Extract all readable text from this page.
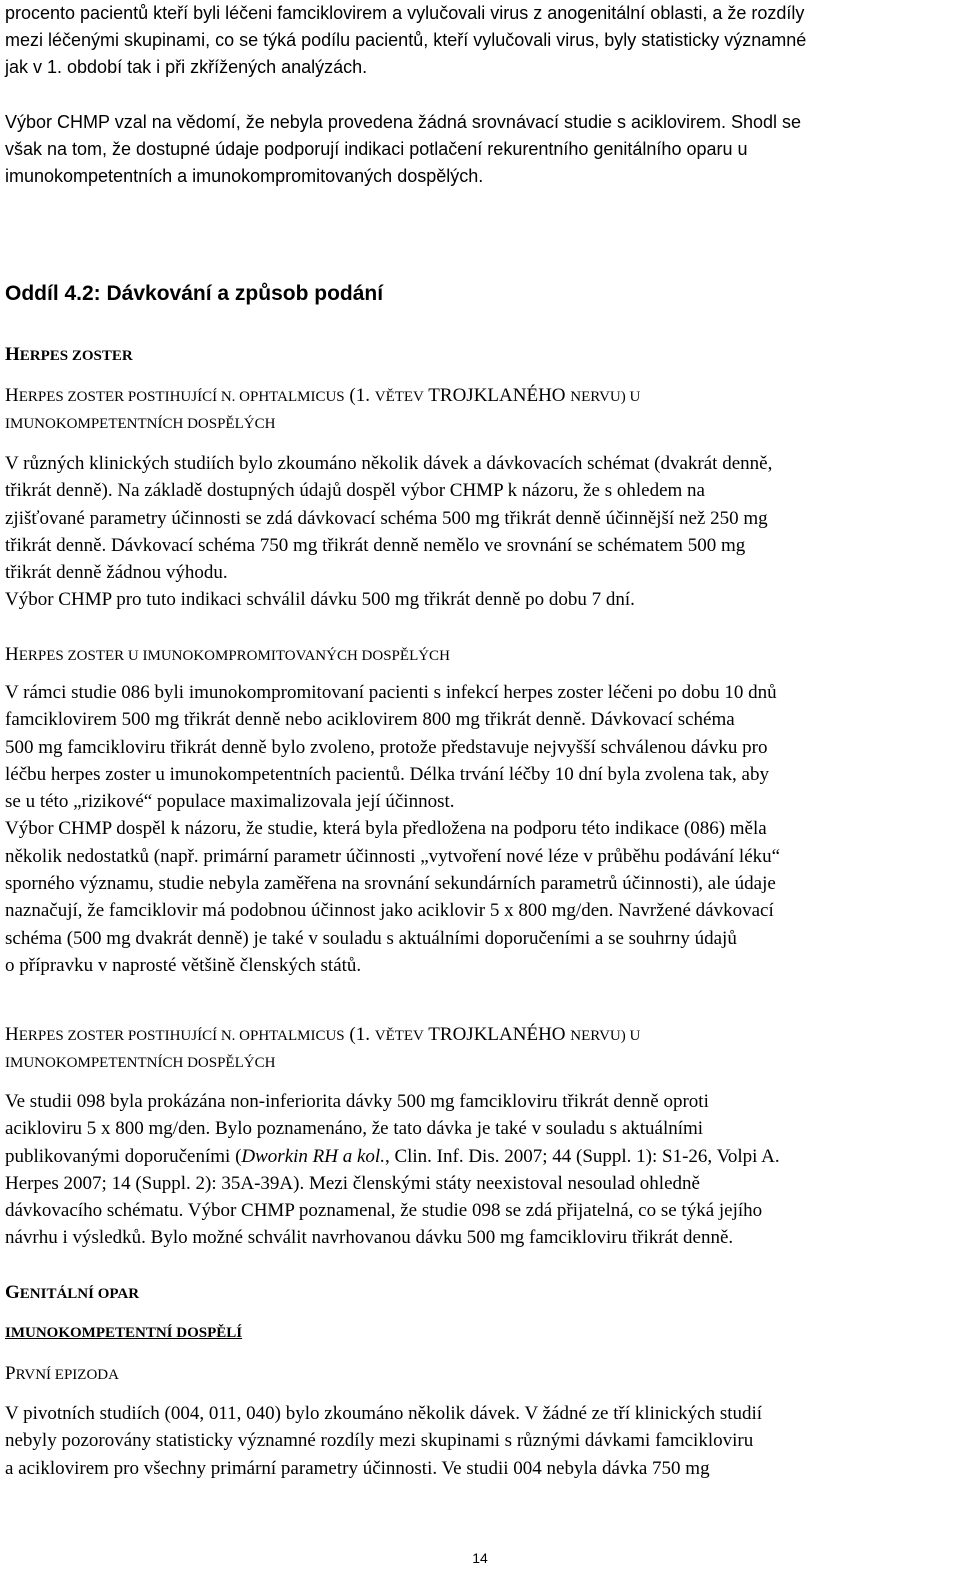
procento pacientů kteří byli léčeni famciklovirem a vylučovali virus z anogenitální oblasti, a že rozdíly
mezi léčenými skupinami, co se týká podílu pacientů, kteří vylučovali virus, byly statisticky významné
jak v 1. období tak i při zkřížených analýzách.
Výbor CHMP vzal na vědomí, že nebyla provedena žádná srovnávací studie s aciklovirem. Shodl se
však na tom, že dostupné údaje podporují indikaci potlačení rekurentního genitálního oparu u
imunokompetentních a imunokompromitovaných dospělých.
Oddíl 4.2: Dávkování a způsob podání
HERPES ZOSTER
HERPES ZOSTER POSTIHUJÍCÍ N. OPHTALMICUS (1. VĚTEV TROJKLANÉHO NERVU) U
IMUNOKOMPETENTNÍCH DOSPĚLÝCH
V různých klinických studiích bylo zkoumáno několik dávek a dávkovacích schémat (dvakrát denně,
třikrát denně). Na základě dostupných údajů dospěl výbor CHMP k názoru, že s ohledem na
zjišťované parametry účinnosti se zdá dávkovací schéma 500 mg třikrát denně účinnější než 250 mg
třikrát denně. Dávkovací schéma 750 mg třikrát denně nemělo ve srovnání se schématem 500 mg
třikrát denně žádnou výhodu.
Výbor CHMP pro tuto indikaci schválil dávku 500 mg třikrát denně po dobu 7 dní.
HERPES ZOSTER U IMUNOKOMPROMITOVANÝCH DOSPĚLÝCH
V rámci studie 086 byli imunokompromitovaní pacienti s infekcí herpes zoster léčeni po dobu 10 dnů
famciklovirem 500 mg třikrát denně nebo aciklovirem 800 mg třikrát denně. Dávkovací schéma
500 mg famcikloviru třikrát denně bylo zvoleno, protože představuje nejvyšší schválenou dávku pro
léčbu herpes zoster u imunokompetentních pacientů. Délka trvání léčby 10 dní byla zvolena tak, aby
se u této „rizikové“ populace maximalizovala její účinnost.
Výbor CHMP dospěl k názoru, že studie, která byla předložena na podporu této indikace (086) měla
několik nedostatků (např. primární parametr účinnosti „vytvoření nové léze v průběhu podávání léku“
sporného významu, studie nebyla zaměřena na srovnání sekundárních parametrů účinnosti), ale údaje
naznačují, že famciklovir má podobnou účinnost jako aciklovir 5 x 800 mg/den. Navržené dávkovací
schéma (500 mg dvakrát denně) je také v souladu s aktuálními doporučeními a se souhrny údajů
o přípravku v naprosté většině členských států.
HERPES ZOSTER POSTIHUJÍCÍ N. OPHTALMICUS (1. VĚTEV TROJKLANÉHO NERVU) U
IMUNOKOMPETENTNÍCH DOSPĚLÝCH
Ve studii 098 byla prokázána non-inferiorita dávky 500 mg famcikloviru třikrát denně oproti
acikloviru 5 x 800 mg/den. Bylo poznamenáno, že tato dávka je také v souladu s aktuálními
publikovanými doporučeními (Dworkin RH a kol., Clin. Inf. Dis. 2007; 44 (Suppl. 1): S1-26, Volpi A.
Herpes 2007; 14 (Suppl. 2): 35A-39A). Mezi členskými státy neexistoval nesoulad ohledně
dávkovacího schématu. Výbor CHMP poznamenal, že studie 098 se zdá přijatelná, co se týká jejího
návrhu i výsledků. Bylo možné schválit navrhovanou dávku 500 mg famcikloviru třikrát denně.
GENITÁLNÍ OPAR
IMUNOKOMPETENTNÍ DOSPĚLÍ
PRVNÍ EPIZODA
V pivotních studiích (004, 011, 040) bylo zkoumáno několik dávek. V žádné ze tří klinických studií
nebyly pozorovány statisticky významné rozdíly mezi skupinami s různými dávkami famcikloviru
a aciklovirem pro všechny primární parametry účinnosti. Ve studii 004 nebyla dávka 750 mg
14
